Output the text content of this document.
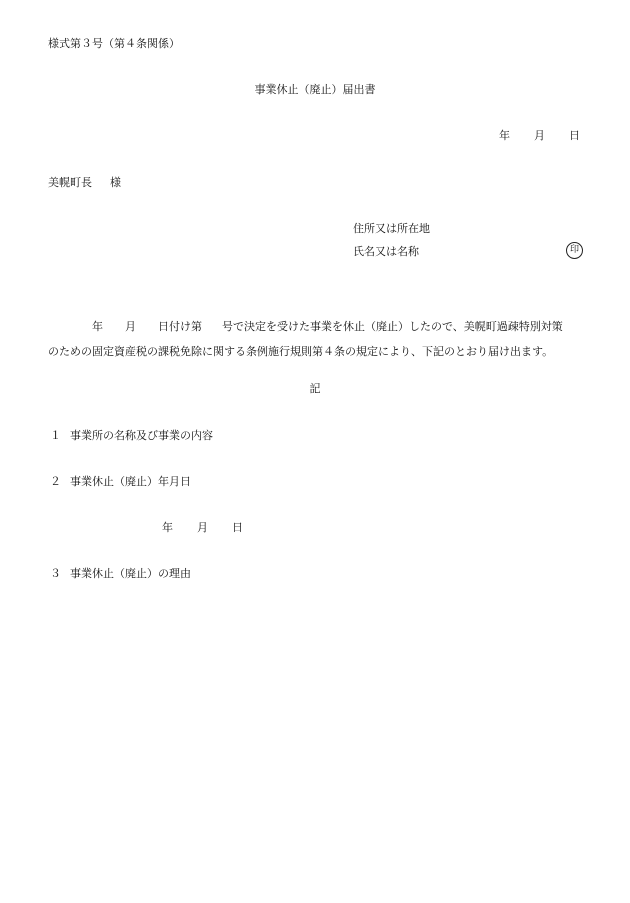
様式第３号（第４条関係）
事業休止（廃止）届出書
年 月 日
美幌町長 様
住所又は所在地
氏名又は名称	印
年 月 日付け第 号で決定を受けた事業を休止（廃止）したので、美幌町過疎特別対策
のための固定資産税の課税免除に関する条例施行規則第４条の規定により、下記のとおり届け出ます。
記
１ 事業所の名称及び事業の内容
２ 事業休止（廃止）年月日
年 月 日
３ 事業休止（廃止）の理由
